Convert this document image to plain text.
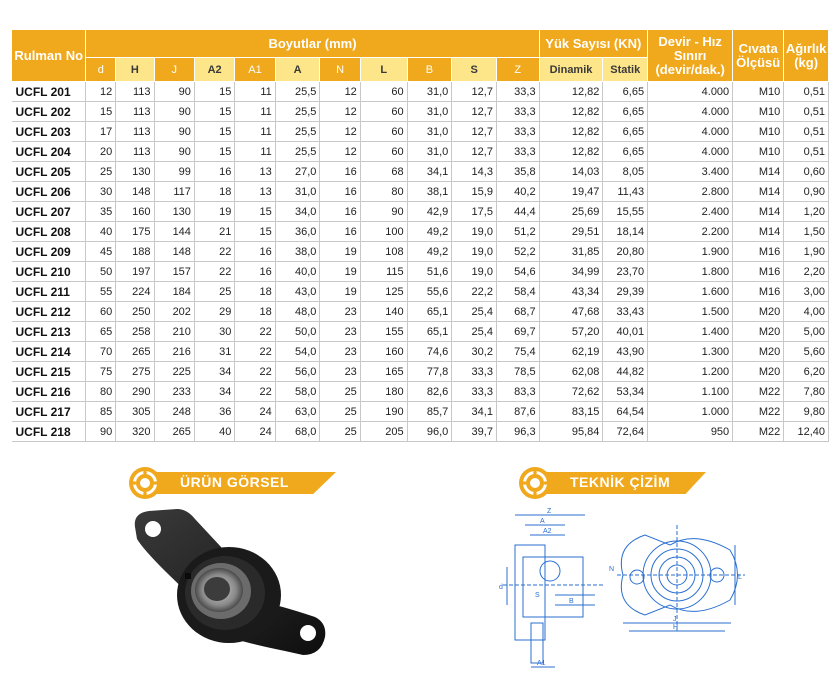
Rulman No	Boyutlar (mm)											Yük Sayısı (KN)		Devir - Hız Sınırı (devir/dak.)	Cıvata Ölçüsü	Ağırlık (kg)
	d	H	J	A2	A1	A	N	L	B	S	Z	Dinamik	Statik			
UCFL 201	12	113	90	15	11	25,5	12	60	31,0	12,7	33,3	12,82	6,65	4.000	M10	0,51
UCFL 202	15	113	90	15	11	25,5	12	60	31,0	12,7	33,3	12,82	6,65	4.000	M10	0,51
UCFL 203	17	113	90	15	11	25,5	12	60	31,0	12,7	33,3	12,82	6,65	4.000	M10	0,51
UCFL 204	20	113	90	15	11	25,5	12	60	31,0	12,7	33,3	12,82	6,65	4.000	M10	0,51
UCFL 205	25	130	99	16	13	27,0	16	68	34,1	14,3	35,8	14,03	8,05	3.400	M14	0,60
UCFL 206	30	148	117	18	13	31,0	16	80	38,1	15,9	40,2	19,47	11,43	2.800	M14	0,90
UCFL 207	35	160	130	19	15	34,0	16	90	42,9	17,5	44,4	25,69	15,55	2.400	M14	1,20
UCFL 208	40	175	144	21	15	36,0	16	100	49,2	19,0	51,2	29,51	18,14	2.200	M14	1,50
UCFL 209	45	188	148	22	16	38,0	19	108	49,2	19,0	52,2	31,85	20,80	1.900	M16	1,90
UCFL 210	50	197	157	22	16	40,0	19	115	51,6	19,0	54,6	34,99	23,70	1.800	M16	2,20
UCFL 211	55	224	184	25	18	43,0	19	125	55,6	22,2	58,4	43,34	29,39	1.600	M16	3,00
UCFL 212	60	250	202	29	18	48,0	23	140	65,1	25,4	68,7	47,68	33,43	1.500	M20	4,00
UCFL 213	65	258	210	30	22	50,0	23	155	65,1	25,4	69,7	57,20	40,01	1.400	M20	5,00
UCFL 214	70	265	216	31	22	54,0	23	160	74,6	30,2	75,4	62,19	43,90	1.300	M20	5,60
UCFL 215	75	275	225	34	22	56,0	23	165	77,8	33,3	78,5	62,08	44,82	1.200	M20	6,20
UCFL 216	80	290	233	34	22	58,0	25	180	82,6	33,3	83,3	72,62	53,34	1.100	M22	7,80
UCFL 217	85	305	248	36	24	63,0	25	190	85,7	34,1	87,6	83,15	64,54	1.000	M22	9,80
UCFL 218	90	320	265	40	24	68,0	25	205	96,0	39,7	96,3	95,84	72,64	950	M22	12,40
ÜRÜN GÖRSEL	TEKNİK ÇİZİM
Z
A
A2
S
d
A1
B
N
J
L
H
